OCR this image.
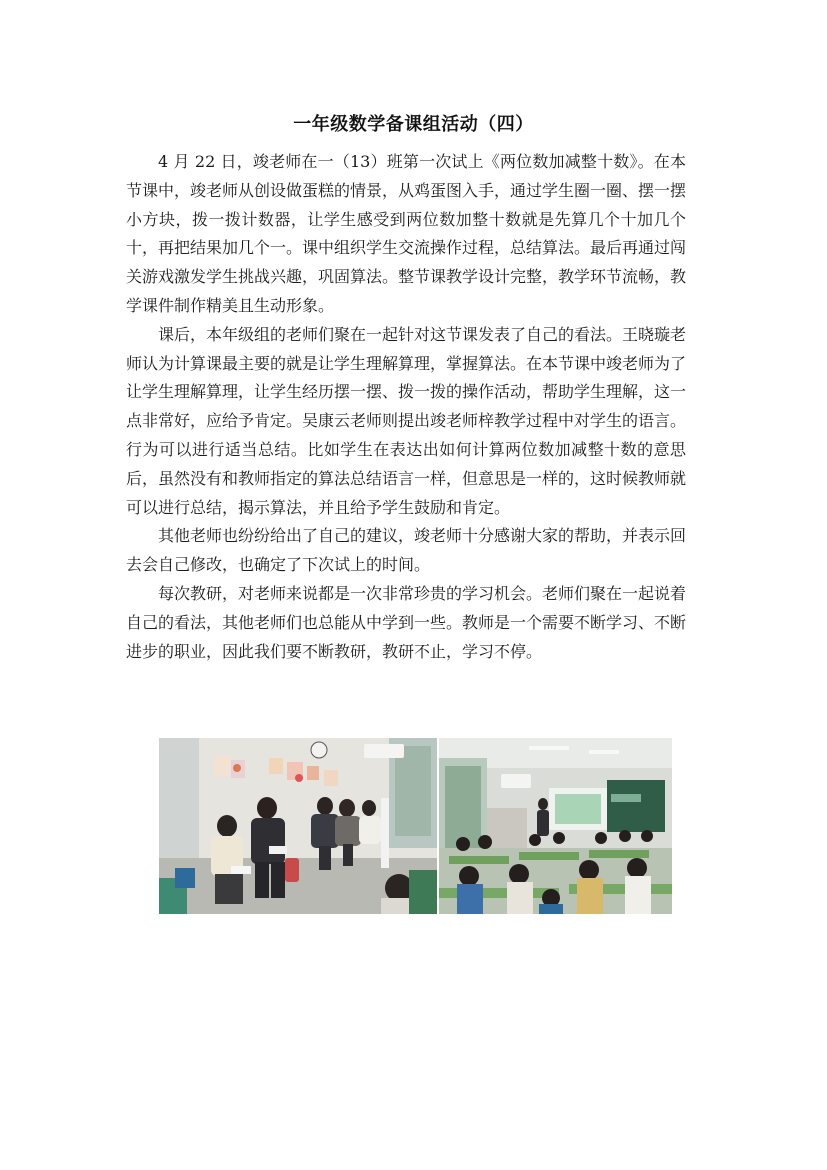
一年级数学备课组活动（四）

4 月 22 日，竣老师在一（13）班第一次试上《两位数加减整十数》。在本节课中，竣老师从创设做蛋糕的情景，从鸡蛋图入手，通过学生圈一圈、摆一摆小方块，拨一拨计数器，让学生感受到两位数加整十数就是先算几个十加几个十，再把结果加几个一。课中组织学生交流操作过程，总结算法。最后再通过闯关游戏激发学生挑战兴趣，巩固算法。整节课教学设计完整，教学环节流畅，教学课件制作精美且生动形象。

课后，本年级组的老师们聚在一起针对这节课发表了自己的看法。王晓璇老师认为计算课最主要的就是让学生理解算理，掌握算法。在本节课中竣老师为了让学生理解算理，让学生经历摆一摆、拨一拨的操作活动，帮助学生理解，这一点非常好，应给予肯定。吴康云老师则提出竣老师梓教学过程中对学生的语言。行为可以进行适当总结。比如学生在表达出如何计算两位数加减整十数的意思后，虽然没有和教师指定的算法总结语言一样，但意思是一样的，这时候教师就可以进行总结，揭示算法，并且给予学生鼓励和肯定。

其他老师也纷纷给出了自己的建议，竣老师十分感谢大家的帮助，并表示回去会自己修改，也确定了下次试上的时间。

每次教研，对老师来说都是一次非常珍贵的学习机会。老师们聚在一起说着自己的看法，其他老师们也总能从中学到一些。教师是一个需要不断学习、不断进步的职业，因此我们要不断教研，教研不止，学习不停。
